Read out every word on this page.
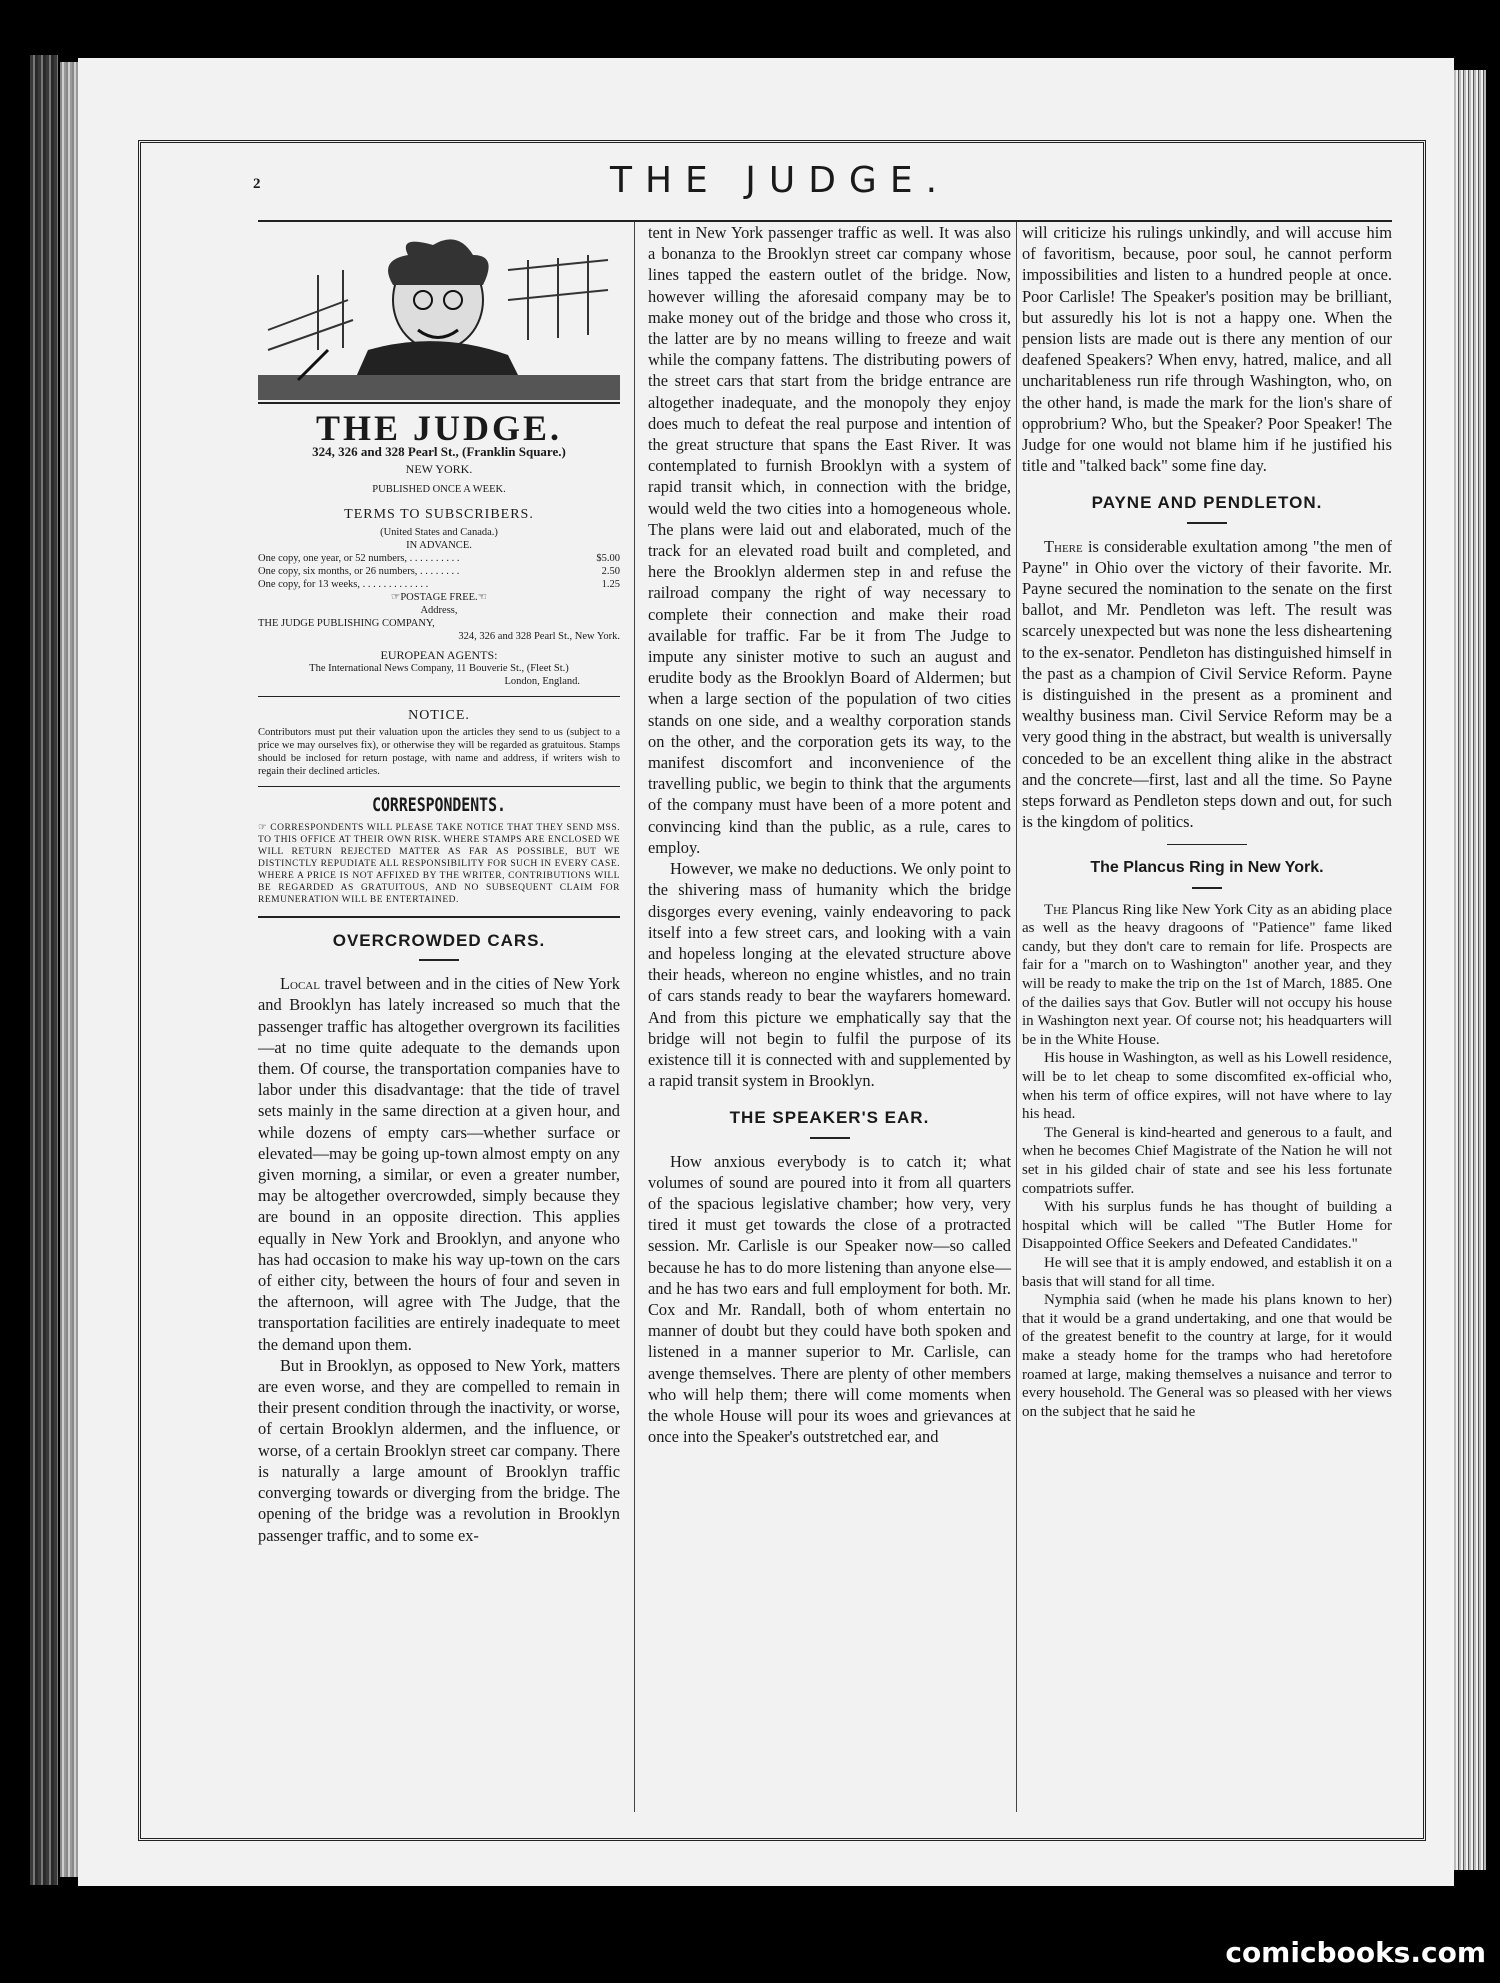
2	THE JUDGE.
THE JUDGE.
324, 326 and 328 Pearl St., (Franklin Square.)
NEW YORK.
PUBLISHED ONCE A WEEK.
TERMS TO SUBSCRIBERS.
(United States and Canada.)
IN ADVANCE.
One copy, one year, or 52 numbers, . . . . . . . . . .	$5.00
One copy, six months, or 26 numbers, . . . . . . . .	2.50
One copy, for 13 weeks, . . . . . . . . . . . . .	1.25
☞POSTAGE FREE.☜
Address,
THE JUDGE PUBLISHING COMPANY,
324, 326 and 328 Pearl St., New York.
EUROPEAN AGENTS:
The International News Company, 11 Bouverie St., (Fleet St.)
London, England.
NOTICE.
Contributors must put their valuation upon the articles they send to us (subject to a price we may ourselves fix), or otherwise they will be regarded as gratuitous. Stamps should be inclosed for return postage, with name and address, if writers wish to regain their declined articles.
CORRESPONDENTS.
☞ CORRESPONDENTS WILL PLEASE TAKE NOTICE THAT THEY SEND MSS. TO THIS OFFICE AT THEIR OWN RISK. WHERE STAMPS ARE ENCLOSED WE WILL RETURN REJECTED MATTER AS FAR AS POSSIBLE, BUT WE DISTINCTLY REPUDIATE ALL RESPONSIBILITY FOR SUCH IN EVERY CASE. WHERE A PRICE IS NOT AFFIXED BY THE WRITER, CONTRIBUTIONS WILL BE REGARDED AS GRATUITOUS, AND NO SUBSEQUENT CLAIM FOR REMUNERATION WILL BE ENTERTAINED.
OVERCROWDED CARS.

Local travel between and in the cities of New York and Brooklyn has lately increased so much that the passenger traffic has altogether overgrown its facilities—at no time quite adequate to the demands upon them. Of course, the transportation companies have to labor under this disadvantage: that the tide of travel sets mainly in the same direction at a given hour, and while dozens of empty cars—whether surface or elevated—may be going up-town almost empty on any given morning, a similar, or even a greater number, may be altogether overcrowded, simply because they are bound in an opposite direction. This applies equally in New York and Brooklyn, and anyone who has had occasion to make his way up-town on the cars of either city, between the hours of four and seven in the afternoon, will agree with The Judge, that the transportation facilities are entirely inadequate to meet the demand upon them.

But in Brooklyn, as opposed to New York, matters are even worse, and they are compelled to remain in their present condition through the inactivity, or worse, of certain Brooklyn aldermen, and the influence, or worse, of a certain Brooklyn street car company. There is naturally a large amount of Brooklyn traffic converging towards or diverging from the bridge. The opening of the bridge was a revolution in Brooklyn passenger traffic, and to some ex-

tent in New York passenger traffic as well. It was also a bonanza to the Brooklyn street car company whose lines tapped the eastern outlet of the bridge. Now, however willing the aforesaid company may be to make money out of the bridge and those who cross it, the latter are by no means willing to freeze and wait while the company fattens. The distributing powers of the street cars that start from the bridge entrance are altogether inadequate, and the monopoly they enjoy does much to defeat the real purpose and intention of the great structure that spans the East River. It was contemplated to furnish Brooklyn with a system of rapid transit which, in connection with the bridge, would weld the two cities into a homogeneous whole. The plans were laid out and elaborated, much of the track for an elevated road built and completed, and here the Brooklyn aldermen step in and refuse the railroad company the right of way necessary to complete their connection and make their road available for traffic. Far be it from The Judge to impute any sinister motive to such an august and erudite body as the Brooklyn Board of Aldermen; but when a large section of the population of two cities stands on one side, and a wealthy corporation stands on the other, and the corporation gets its way, to the manifest discomfort and inconvenience of the travelling public, we begin to think that the arguments of the company must have been of a more potent and convincing kind than the public, as a rule, cares to employ.

However, we make no deductions. We only point to the shivering mass of humanity which the bridge disgorges every evening, vainly endeavoring to pack itself into a few street cars, and looking with a vain and hopeless longing at the elevated structure above their heads, whereon no engine whistles, and no train of cars stands ready to bear the wayfarers homeward. And from this picture we emphatically say that the bridge will not begin to fulfil the purpose of its existence till it is connected with and supplemented by a rapid transit system in Brooklyn.

THE SPEAKER'S EAR.

How anxious everybody is to catch it; what volumes of sound are poured into it from all quarters of the spacious legislative chamber; how very, very tired it must get towards the close of a protracted session. Mr. Carlisle is our Speaker now—so called because he has to do more listening than anyone else—and he has two ears and full employment for both. Mr. Cox and Mr. Randall, both of whom entertain no manner of doubt but they could have both spoken and listened in a manner superior to Mr. Carlisle, can avenge themselves. There are plenty of other members who will help them; there will come moments when the whole House will pour its woes and grievances at once into the Speaker's outstretched ear, and

will criticize his rulings unkindly, and will accuse him of favoritism, because, poor soul, he cannot perform impossibilities and listen to a hundred people at once. Poor Carlisle! The Speaker's position may be brilliant, but assuredly his lot is not a happy one. When the pension lists are made out is there any mention of our deafened Speakers? When envy, hatred, malice, and all uncharitableness run rife through Washington, who, on the other hand, is made the mark for the lion's share of opprobrium? Who, but the Speaker? Poor Speaker! The Judge for one would not blame him if he justified his title and "talked back" some fine day.

PAYNE AND PENDLETON.

There is considerable exultation among "the men of Payne" in Ohio over the victory of their favorite. Mr. Payne secured the nomination to the senate on the first ballot, and Mr. Pendleton was left. The result was scarcely unexpected but was none the less disheartening to the ex-senator. Pendleton has distinguished himself in the past as a champion of Civil Service Reform. Payne is distinguished in the present as a prominent and wealthy business man. Civil Service Reform may be a very good thing in the abstract, but wealth is universally conceded to be an excellent thing alike in the abstract and the concrete—first, last and all the time. So Payne steps forward as Pendleton steps down and out, for such is the kingdom of politics.

The Plancus Ring in New York.

The Plancus Ring like New York City as an abiding place as well as the heavy dragoons of "Patience" fame liked candy, but they don't care to remain for life. Prospects are fair for a "march on to Washington" another year, and they will be ready to make the trip on the 1st of March, 1885. One of the dailies says that Gov. Butler will not occupy his house in Washington next year. Of course not; his headquarters will be in the White House.

His house in Washington, as well as his Lowell residence, will be to let cheap to some discomfited ex-official who, when his term of office expires, will not have where to lay his head.

The General is kind-hearted and generous to a fault, and when he becomes Chief Magistrate of the Nation he will not set in his gilded chair of state and see his less fortunate compatriots suffer.

With his surplus funds he has thought of building a hospital which will be called "The Butler Home for Disappointed Office Seekers and Defeated Candidates."

He will see that it is amply endowed, and establish it on a basis that will stand for all time.

Nymphia said (when he made his plans known to her) that it would be a grand undertaking, and one that would be of the greatest benefit to the country at large, for it would make a steady home for the tramps who had heretofore roamed at large, making themselves a nuisance and terror to every household. The General was so pleased with her views on the subject that he said he

comicbooks.com
